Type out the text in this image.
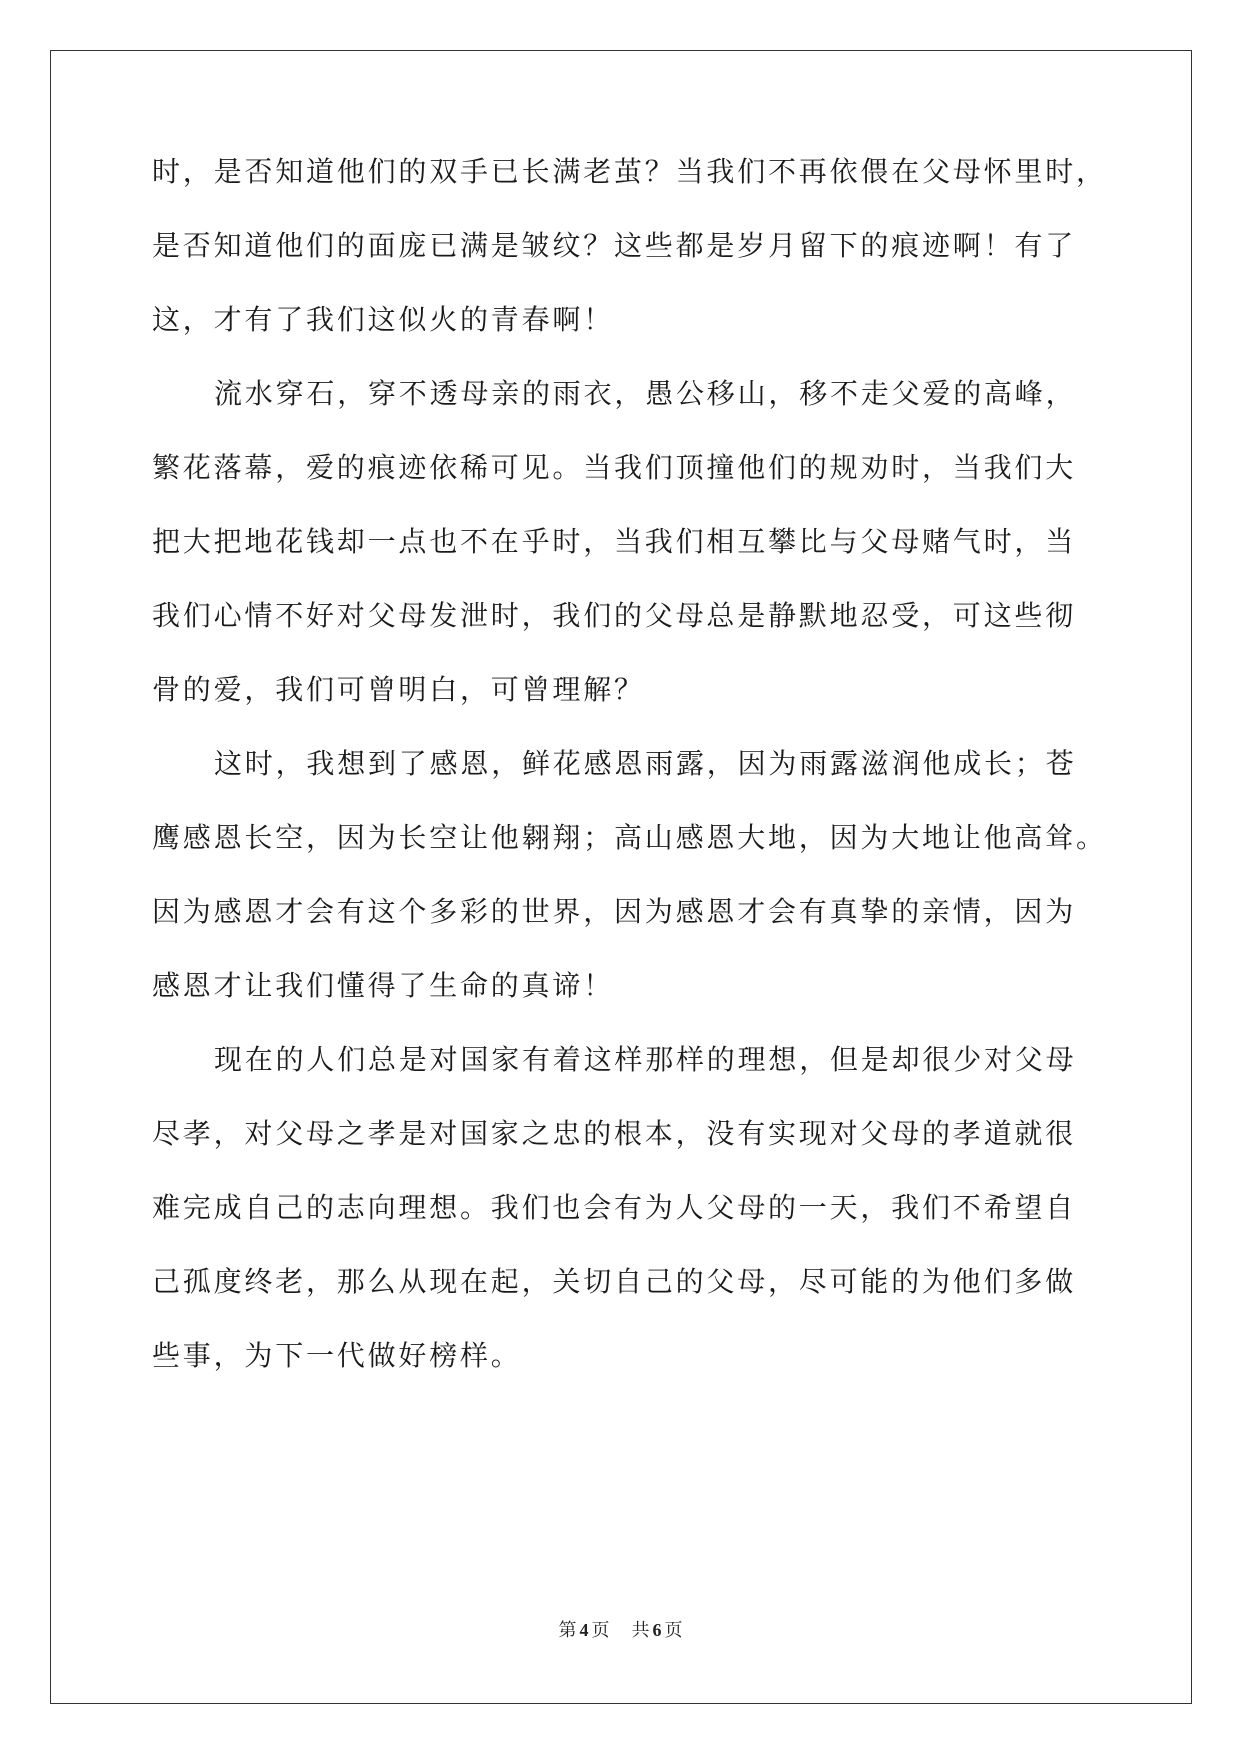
时，是否知道他们的双手已长满老茧？当我们不再依偎在父母怀里时，
是否知道他们的面庞已满是皱纹？这些都是岁月留下的痕迹啊！有了
这，才有了我们这似火的青春啊！
流水穿石，穿不透母亲的雨衣，愚公移山，移不走父爱的高峰，
繁花落幕，爱的痕迹依稀可见。当我们顶撞他们的规劝时，当我们大
把大把地花钱却一点也不在乎时，当我们相互攀比与父母赌气时，当
我们心情不好对父母发泄时，我们的父母总是静默地忍受，可这些彻
骨的爱，我们可曾明白，可曾理解？
这时，我想到了感恩，鲜花感恩雨露，因为雨露滋润他成长；苍
鹰感恩长空，因为长空让他翱翔；高山感恩大地，因为大地让他高耸。
因为感恩才会有这个多彩的世界，因为感恩才会有真挚的亲情，因为
感恩才让我们懂得了生命的真谛！
现在的人们总是对国家有着这样那样的理想，但是却很少对父母
尽孝，对父母之孝是对国家之忠的根本，没有实现对父母的孝道就很
难完成自己的志向理想。我们也会有为人父母的一天，我们不希望自
己孤度终老，那么从现在起，关切自己的父母，尽可能的为他们多做
些事，为下一代做好榜样。
第 4 页 共 6 页
